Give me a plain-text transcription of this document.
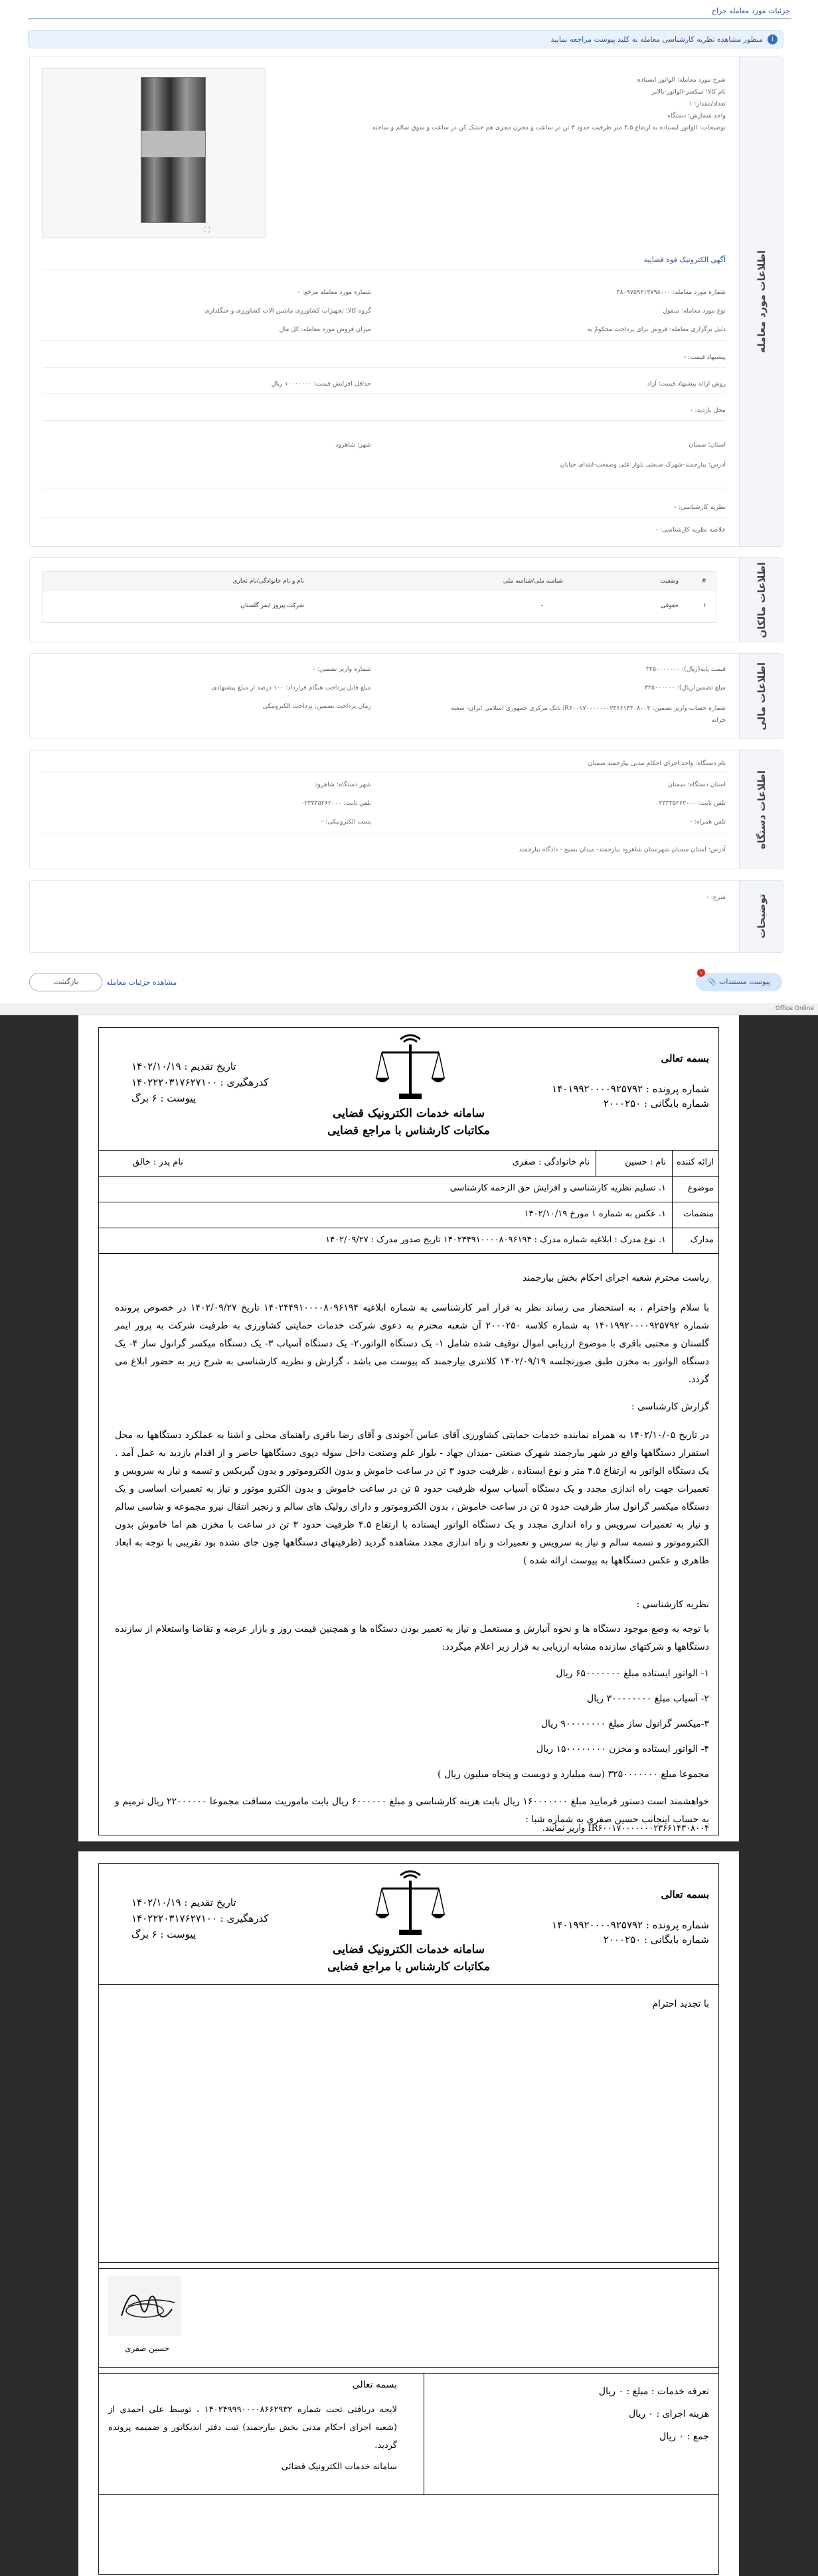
جزئیات مورد معامله حراج
i
منظور مشاهده نظریه کارشناسی معامله به کلید پیوست مراجعه نمایید
اطلاعات مورد معامله
شرح مورد معامله: الواتور ایستاده
نام کالا: میکسر-الواتور-بالابر
تعداد/مقدار: ۱
واحد شمارش: دستگاه
توضیحات: الواتور ایستاده به ارتفاع ۴.۵ متر ظرفیت حدود ۳ تن در ساعت و مخزن مجزی هم خشک کن در ساعت و سوق سالم و ساخته
⛶
آگهی الکترونیک قوه قضاییه
شماره مورد معامله: ۳۸۰۹۷۵۹۶۱۳۷۹۸۰۰۰
شماره مورد معامله مرجع: -
نوع مورد معامله: منقول
گروه کالا: تجهیزات کشاورزی ماشین آلات کشاورزی و جنگلداری
دلیل برگزاری معامله: فروش برای پرداخت محکومٌ به
میزان فروش مورد معامله: کل مال
پیشنهاد قیمت: -
روش ارائه پیشنهاد قیمت: آزاد
حداقل افزایش قیمت: ۱۰۰۰۰۰۰۰ ریال
محل بازدید: -
استان: سمنان
شهر: شاهرود
آدرس: بیارجمند-شهرک صنعتی بلوار علی وصفعت-ابتدای خیابان
نظریه کارشناسی: -
خلاصه نظریه کارشناسی: -
اطلاعات مالکان
#
وضعیت
شناسه ملی/شناسه ملی
نام و نام خانوادگی/نام تجاری
۱
حقوقی
-
شرکت پیروز ایمر گلستان
اطلاعات مالی
قیمت پایه(ریال): ۳۲۵۰۰۰۰۰۰۰
شماره واریز تضمین: -
مبلغ تضمین(ریال): ۳۲۵۰۰۰۰۰۰
مبلغ قابل پرداخت هنگام قرارداد: ۱۰۰ درصد از مبلغ پیشنهادی
شماره حساب واریز تضمین: IR۶۰۰۱۷۰۰۰۰۰۰۰۲۳۶۶۱۴۳۰۸۰۰۴ بانک مرکزی جمهوری اسلامی ایران- شعبه خزانه
زمان پرداخت تضمین: پرداخت الکترونیکی
اطلاعات دستگاه
نام دستگاه: واحد اجرای احکام مدنی بیارجمند سمنان
استان دستگاه: سمنان
شهر دستگاه: شاهرود
تلفن ثابت: ۰۲۳۳۳۵۲۶۲۰۰۰
تلفن ثابت: ۰۲۳۳۳۵۲۶۲۰۰۰
تلفن همراه: -
پست الکترونیکی: -
آدرس: استان سمنان شهرستان شاهرود بیارجمند- میدان بسیج - دادگاه بیارجمند
توضیحات
شرح: -
پیوست مستندات 📎
۱
مشاهده جزئیات معامله
بازگشت
Office Online
بسمه تعالی
شماره پرونده : ۱۴۰۱۹۹۲۰۰۰۰۹۲۵۷۹۲
شماره بایگانی : ۲۰۰۰۲۵۰
تاریخ تقدیم : ۱۴۰۲/۱۰/۱۹
کدرهگیری : ۱۴۰۲۲۲۰۳۱۷۶۲۷۱۰۰
پیوست : ۶ برگ
سامانه خدمات الکترونیک قضایی
مکاتبات کارشناس با مراجع قضایی
ارائه کننده
نام : حسین
نام خانوادگی : صفری
نام پدر : خالق
موضوع
۱. تسلیم نظریه کارشناسی و افزایش حق الزحمه کارشناسی
منضمات
۱. عکس به شماره ۱ مورخ ۱۴۰۲/۱۰/۱۹
مدارک
۱. نوع مدرک : ابلاغیه شماره مدرک : ۱۴۰۲۴۴۹۱۰۰۰۰۸۰۹۶۱۹۴ تاریخ صدور مدرک : ۱۴۰۲/۰۹/۲۷
ریاست محترم شعبه اجرای احکام بخش بیارجمند
با سلام واحترام ، به استحضار می رساند نظر به قرار امر کارشناسی به شماره ابلاغیه ۱۴۰۲۴۴۹۱۰۰۰۰۸۰۹۶۱۹۴ تاریخ ۱۴۰۲/۰۹/۲۷ در خصوص پرونده شماره ۱۴۰۱۹۹۲۰۰۰۰۹۲۵۷۹۲ به شماره کلاسه ۲۰۰۰۲۵۰ آن شعبه محترم به دعوی شرکت خدمات حمایتی کشاورزی به طرفیت شرکت به پرور ایمر گلستان و مجتبی باقری با موضوع ارزیابی اموال توقیف شده شامل ۱- یک دستگاه الواتور،۲- یک دستگاه آسیاب ۳- یک دستگاه میکسر گرانول ساز ۴- یک دستگاه الواتور به مخزن طبق صورتجلسه ۱۴۰۲/۰۹/۱۹ کلانتری بیارجمند که پیوست می باشد ، گزارش و نظریه کارشناسی به شرح زیر به حضور ابلاغ می گردد.
گزارش کارشناسی :
در تاریخ ۱۴۰۲/۱۰/۰۵ به همراه نماینده خدمات حمایتی کشاورزی آقای عباس آخوندی و آقای رضا باقری راهنمای محلی و اشنا به عملکرد دستگاهها به محل استقرار دستگاهها واقع در شهر بیارجمند شهرک صنعتی -میدان جهاد - بلوار علم وصنعت داخل سوله دپوی دستگاهها حاضر و از اقدام بازدید به عمل آمد . یک دستگاه الواتور به ارتفاع ۴.۵ متر و نوع ایستاده ، ظرفیت حدود ۳ تن در ساعت خاموش و بدون الکتروموتور و بدون گیربکس و تسمه و نیاز به سرویس و تعمیرات جهت راه اندازی مجدد و یک دستگاه آسیاب سوله ظرفیت حدود ۵ تن در ساعت خاموش و بدون الکترو موتور و نیاز به تعمیرات اساسی و یک دستگاه میکسر گرانول ساز ظرفیت حدود ۵ تن در ساعت خاموش ، بدون الکتروموتور و دارای رولیک های سالم و زنجیر انتقال نیرو مجموعه و شاسی سالم و نیاز به تعمیرات سرویس و راه اندازی مجدد و یک دستگاه الواتور ایستاده با ارتفاع ۴.۵ ظرفیت حدود ۳ تن در ساعت با مخزن هم اما خاموش بدون الکتروموتور و تسمه سالم و نیاز به سرویس و تعمیرات و راه اندازی مجدد مشاهده گردید (ظرفیتهای دستگاهها چون جای نشده بود تقریبی با توجه به ابعاد ظاهری و عکس دستگاهها به پیوست ارائه شده )
نظریه کارشناسی :
با توجه به وضع موجود دستگاه ها و نحوه آنبارش و مستعمل و نیاز به تعمیر بودن دستگاه ها و همچنین قیمت روز و بازار عرضه و تقاضا واستعلام از سازنده دستگاهها و شرکتهای سازنده مشابه ارزیابی به قرار زیر اعلام میگردد:
۱- الواتور ایستاده مبلغ ۶۵۰۰۰۰۰۰۰ ریال
۲- آسیاب مبلغ ۳۰۰۰۰۰۰۰۰ ریال
۳-میکسر گرانول ساز مبلغ ۹۰۰۰۰۰۰۰۰ ریال
۴- الواتور ایستاده و مخزن ۱۵۰۰۰۰۰۰۰۰ ریال
مجموعا مبلغ ۳۲۵۰۰۰۰۰۰۰ (سه میلیارد و دویست و پنجاه میلیون ریال )
خواهشمند است دستور فرمایید مبلغ ۱۶۰۰۰۰۰۰۰ ریال بابت هزینه کارشناسی و مبلغ ۶۰۰۰۰۰۰ ریال بابت ماموریت مسافت مجموعا ۲۲۰۰۰۰۰۰ ریال ترمیم و به حساب اینجانب حسین صفری به شماره شبا :
IR۶۰۰۱۷۰۰۰۰۰۰۰۲۳۶۶۱۴۳۰۸۰۰۴ واریز نمایند.
بسمه تعالی
شماره پرونده : ۱۴۰۱۹۹۲۰۰۰۰۹۲۵۷۹۲
شماره بایگانی : ۲۰۰۰۲۵۰
تاریخ تقدیم : ۱۴۰۲/۱۰/۱۹
کدرهگیری : ۱۴۰۲۲۲۰۳۱۷۶۲۷۱۰۰
پیوست : ۶ برگ
سامانه خدمات الکترونیک قضایی
مکاتبات کارشناس با مراجع قضایی
با تجدید احترام
حسین صفری
تعرفه خدمات : مبلغ : ۰ ریال
هزینه اجرای : ۰ ریال
جمع : ۰ ریال
بسمه تعالی
لایحه دریافتی تحت شماره ۱۴۰۲۴۹۹۹۰۰۰۰۸۶۶۲۹۳۲ ، توسط علی احمدی از (شعبه اجرای احکام مدنی بخش بیارجمند) ثبت دفتر اندیکاتور و ضمیمه پرونده گردید.
سامانه خدمات الکترونیک قضائی
